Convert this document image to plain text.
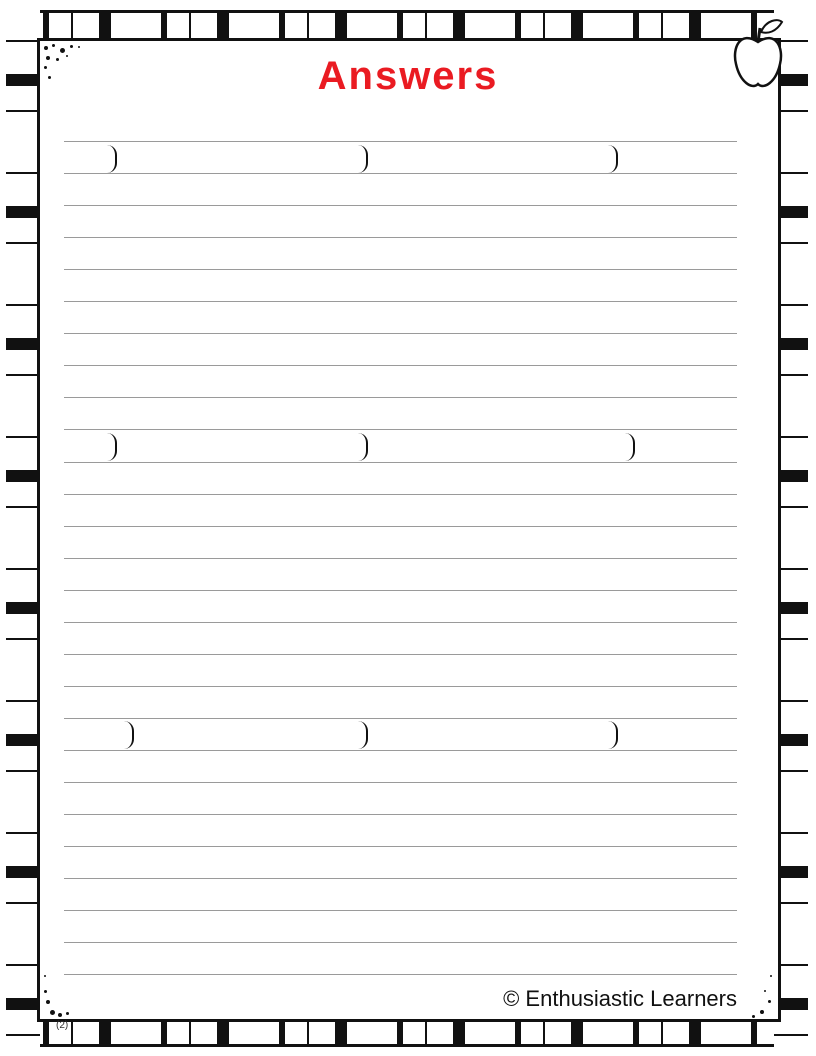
Answers
© Enthusiastic Learners
(2)
